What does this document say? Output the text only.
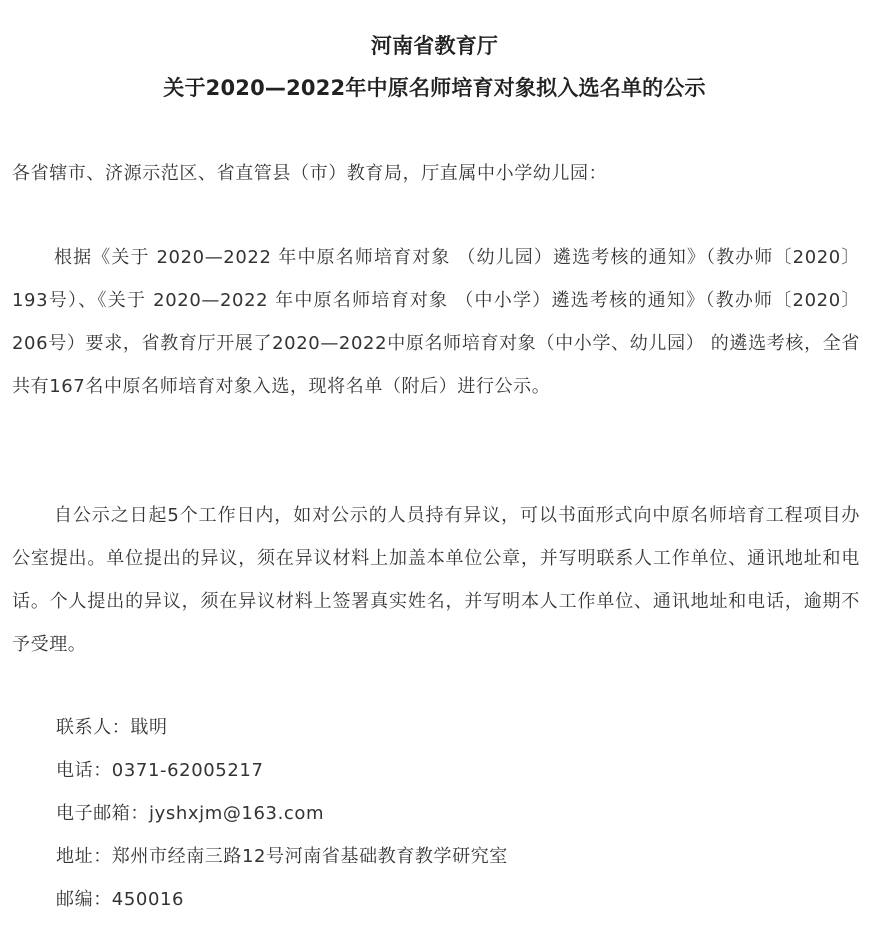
河南省教育厅
关于2020—2022年中原名师培育对象拟入选名单的公示

各省辖市、济源示范区、省直管县（市）教育局，厅直属中小学幼儿园：

根据《关于 2020—2022 年中原名师培育对象 （幼儿园）遴选考核的通知》（教办师〔2020〕193号）、《关于 2020—2022 年中原名师培育对象 （中小学）遴选考核的通知》（教办师〔2020〕206号）要求，省教育厅开展了2020—2022中原名师培育对象（中小学、幼儿园） 的遴选考核，全省共有167名中原名师培育对象入选，现将名单（附后）进行公示。

自公示之日起5个工作日内，如对公示的人员持有异议，可以书面形式向中原名师培育工程项目办公室提出。单位提出的异议，须在异议材料上加盖本单位公章，并写明联系人工作单位、通讯地址和电话。个人提出的异议，须在异议材料上签署真实姓名，并写明本人工作单位、通讯地址和电话，逾期不予受理。

联系人：戢明
电话：0371-62005217
电子邮箱：jyshxjm@163.com
地址：郑州市经南三路12号河南省基础教育教学研究室
邮编：450016
